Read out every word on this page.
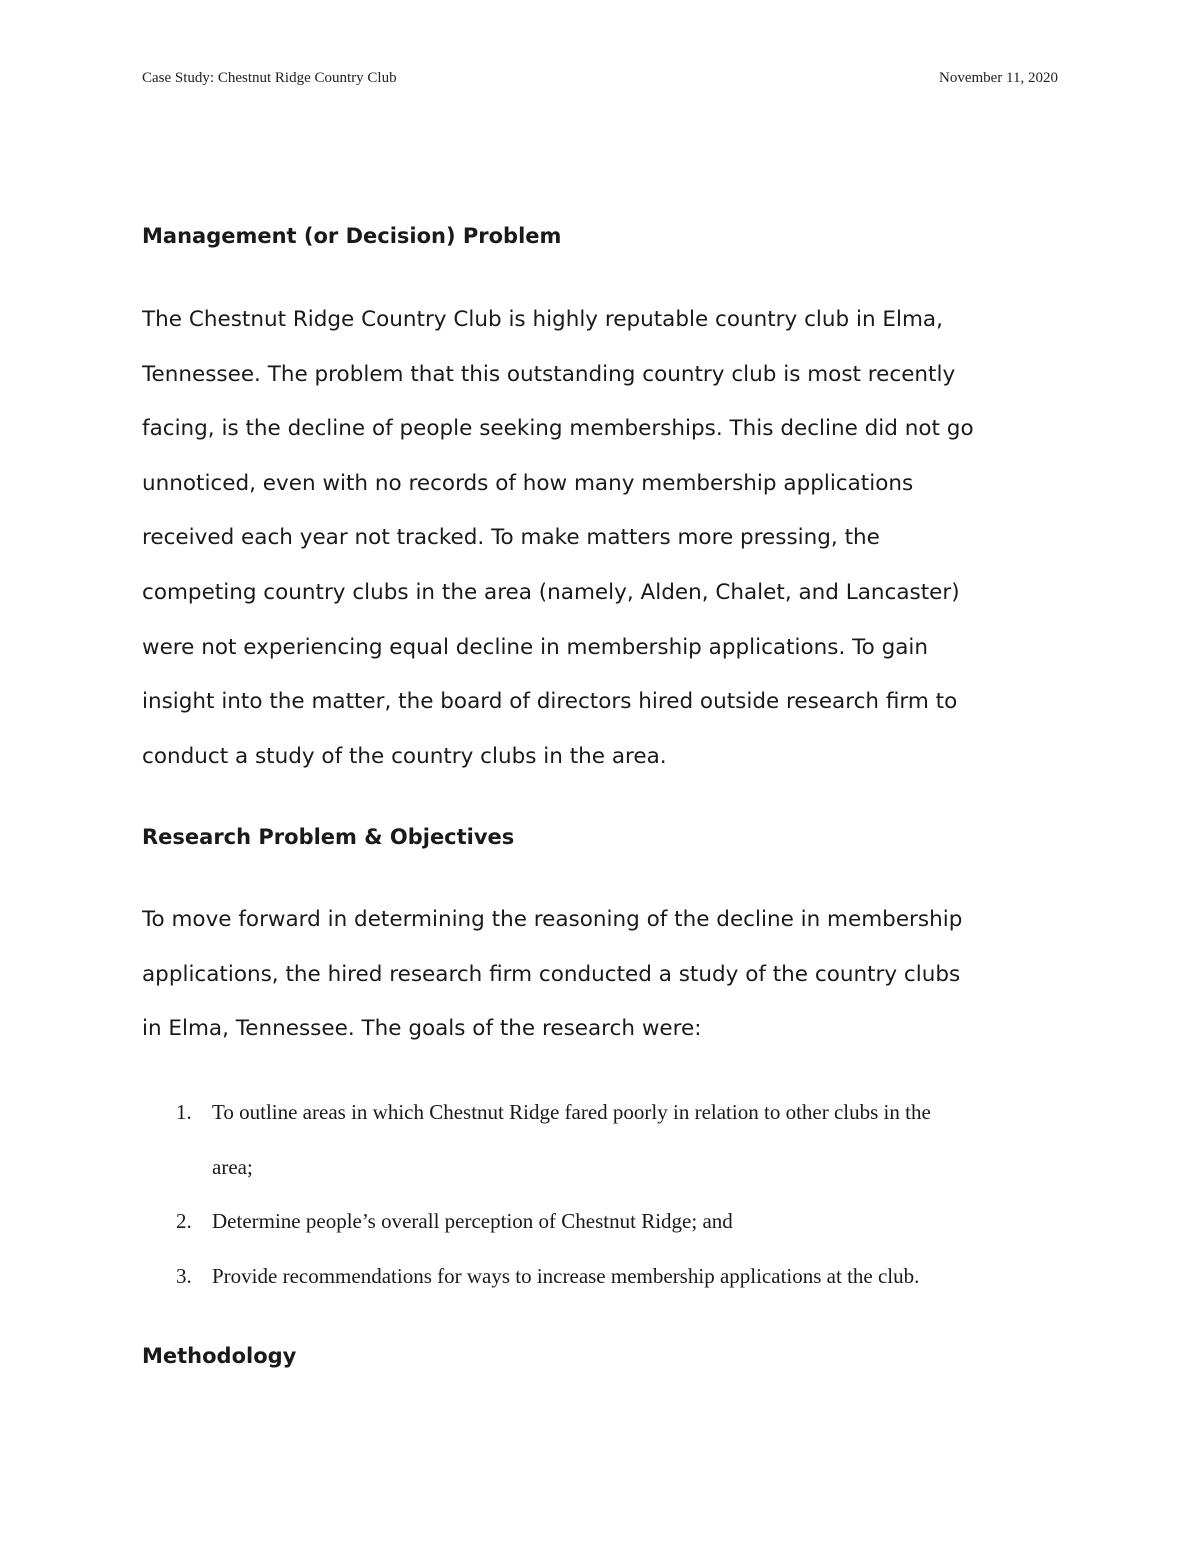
Case Study: Chestnut Ridge Country Club	November 11, 2020
Management (or Decision) Problem
The Chestnut Ridge Country Club is highly reputable country club in Elma,
Tennessee. The problem that this outstanding country club is most recently
facing, is the decline of people seeking memberships. This decline did not go
unnoticed, even with no records of how many membership applications
received each year not tracked. To make matters more pressing, the
competing country clubs in the area (namely, Alden, Chalet, and Lancaster)
were not experiencing equal decline in membership applications. To gain
insight into the matter, the board of directors hired outside research firm to
conduct a study of the country clubs in the area.
Research Problem & Objectives
To move forward in determining the reasoning of the decline in membership
applications, the hired research firm conducted a study of the country clubs
in Elma, Tennessee. The goals of the research were:
1. To outline areas in which Chestnut Ridge fared poorly in relation to other clubs in the
area;
2. Determine people’s overall perception of Chestnut Ridge; and
3. Provide recommendations for ways to increase membership applications at the club.
Methodology
